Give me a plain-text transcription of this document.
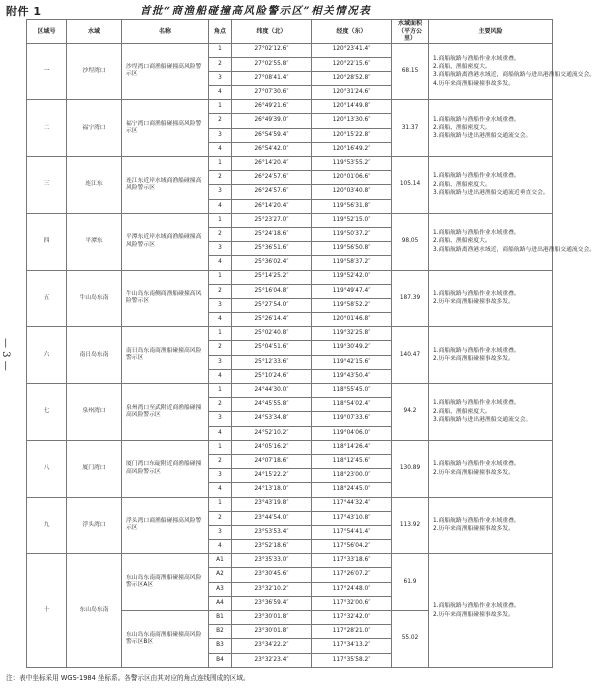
附件 1	首批“商渔船碰撞高风险警示区”相关情况表
— 3 —
区域号	水域	名称	角点	纬度（北）	经度（东）	水域面积（平方公里）	主要风险
一	沙埕湾口	沙埕湾口商渔船碰撞高风险警示区	1	27°02′12.6″	120°23′41.4″	68.15	1.商船航路与渔船作业水域重叠。
2.商船、渔船密度大。
3.商船航路离渔港水域近，商船航路与进出港渔船交通流交会。
4.历年来商渔船碰撞事故多发。

			2	27°02′55.8″	120°22′15.6″		
			3	27°08′41.4″	120°28′52.8″		
			4	27°07′30.6″	120°31′24.6″		
二	福宁湾口	福宁湾口商渔船碰撞高风险警示区	1	26°49′21.6″	120°14′49.8″	31.37	1.商船航路与渔船作业水域重叠。
2.商船、渔船密度大。
3.商船航路与进出港渔船交通流交会。

			2	26°49′39.0″	120°13′30.6″		
			3	26°54′59.4″	120°15′22.8″		
			4	26°54′42.0″	120°16′49.2″		
三	连江东	连江东近岸水域商渔船碰撞高风险警示区	1	26°14′20.4″	119°53′55.2″	105.14	1.商船航路与渔船作业水域重叠。
2.商船、渔船密度大。
3.商船航路与进出港渔船交通流近垂直交会。

			2	26°24′57.6″	120°01′06.6″		
			3	26°24′57.6″	120°03′40.8″		
			4	26°14′20.4″	119°56′31.8″		
四	平潭东	平潭东近岸水域商渔船碰撞高风险警示区	1	25°23′27.0″	119°52′15.0″	98.05	1.商船航路与渔船作业水域重叠。
2.商船、渔船密度大。
3.商船航路离渔港水域近，商船航路与进出港渔船交通流交会。

			2	25°24′18.6″	119°50′37.2″		
			3	25°36′51.6″	119°56′50.8″		
			4	25°36′02.4″	119°58′37.2″		
五	牛山岛东南	牛山岛东南侧商渔船碰撞高风险警示区	1	25°14′25.2″	119°52′42.0″	187.39	1.商船航路与渔船作业水域重叠。
2.历年来商渔船碰撞事故多发。

			2	25°16′04.8″	119°49′47.4″		
			3	25°27′54.0″	119°58′52.2″		
			4	25°26′14.4″	120°01′46.8″		
六	南日岛东南	南日岛东南商渔船碰撞高风险警示区	1	25°02′40.8″	119°32′25.8″	140.47	1.商船航路与渔船作业水域重叠。
2.历年来商渔船碰撞事故多发。

			2	25°04′51.6″	119°30′49.2″		
			3	25°12′33.6″	119°42′15.6″		
			4	25°10′24.6″	119°43′50.4″		
七	泉州湾口	泉州湾口至武附近商渔船碰撞高风险警示区	1	24°44′30.0″	118°55′45.0″	94.2	1.商船航路与渔船作业水域重叠。
2.商船、渔船密度大。
3.商船航路与进出港渔船交通流交会。

			2	24°45′55.8″	118°54′02.4″		
			3	24°53′34.8″	119°07′33.6″		
			4	24°52′10.2″	119°04′06.0″		
八	厦门湾口	厦门湾口东碇附近商渔船碰撞高风险警示区	1	24°05′16.2″	118°14′26.4″	130.89	1.商船航路与渔船作业水域重叠。
2.历年来商渔船碰撞事故多发。

			2	24°07′18.6″	118°12′45.6″		
			3	24°15′22.2″	118°23′00.0″		
			4	24°13′18.0″	118°24′45.0″		
九	浮头湾口	浮头湾口商渔船碰撞高风险警示区	1	23°43′19.8″	117°44′32.4″	113.92	1.商船航路与渔船作业水域重叠。
2.历年来商渔船碰撞事故多发。

			2	23°44′54.0″	117°43′10.8″		
			3	23°53′53.4″	117°54′41.4″		
			4	23°52′18.6″	117°56′04.2″		
十	东山岛东南	东山岛东南商渔船碰撞高风险警示区A区	A1	23°35′33.0″	117°33′18.6″	61.9	1.商船航路与渔船作业水域重叠。
2.历年来商渔船碰撞事故多发。

			A2	23°30′45.6″	117°26′07.2″		
			A3	23°32′10.2″	117°24′48.0″		
			A4	23°36′59.4″	117°32′00.6″		
		东山岛东南商渔船碰撞高风险警示区B区	B1	23°30′01.8″	117°32′42.0″	55.02	
			B2	23°30′01.8″	117°28′21.0″		
			B3	23°34′22.2″	117°34′13.2″		
			B4	23°32′23.4″	117°35′58.2″		
注：表中坐标采用 WGS-1984 坐标系。各警示区由其对应的角点连线围成的区域。
